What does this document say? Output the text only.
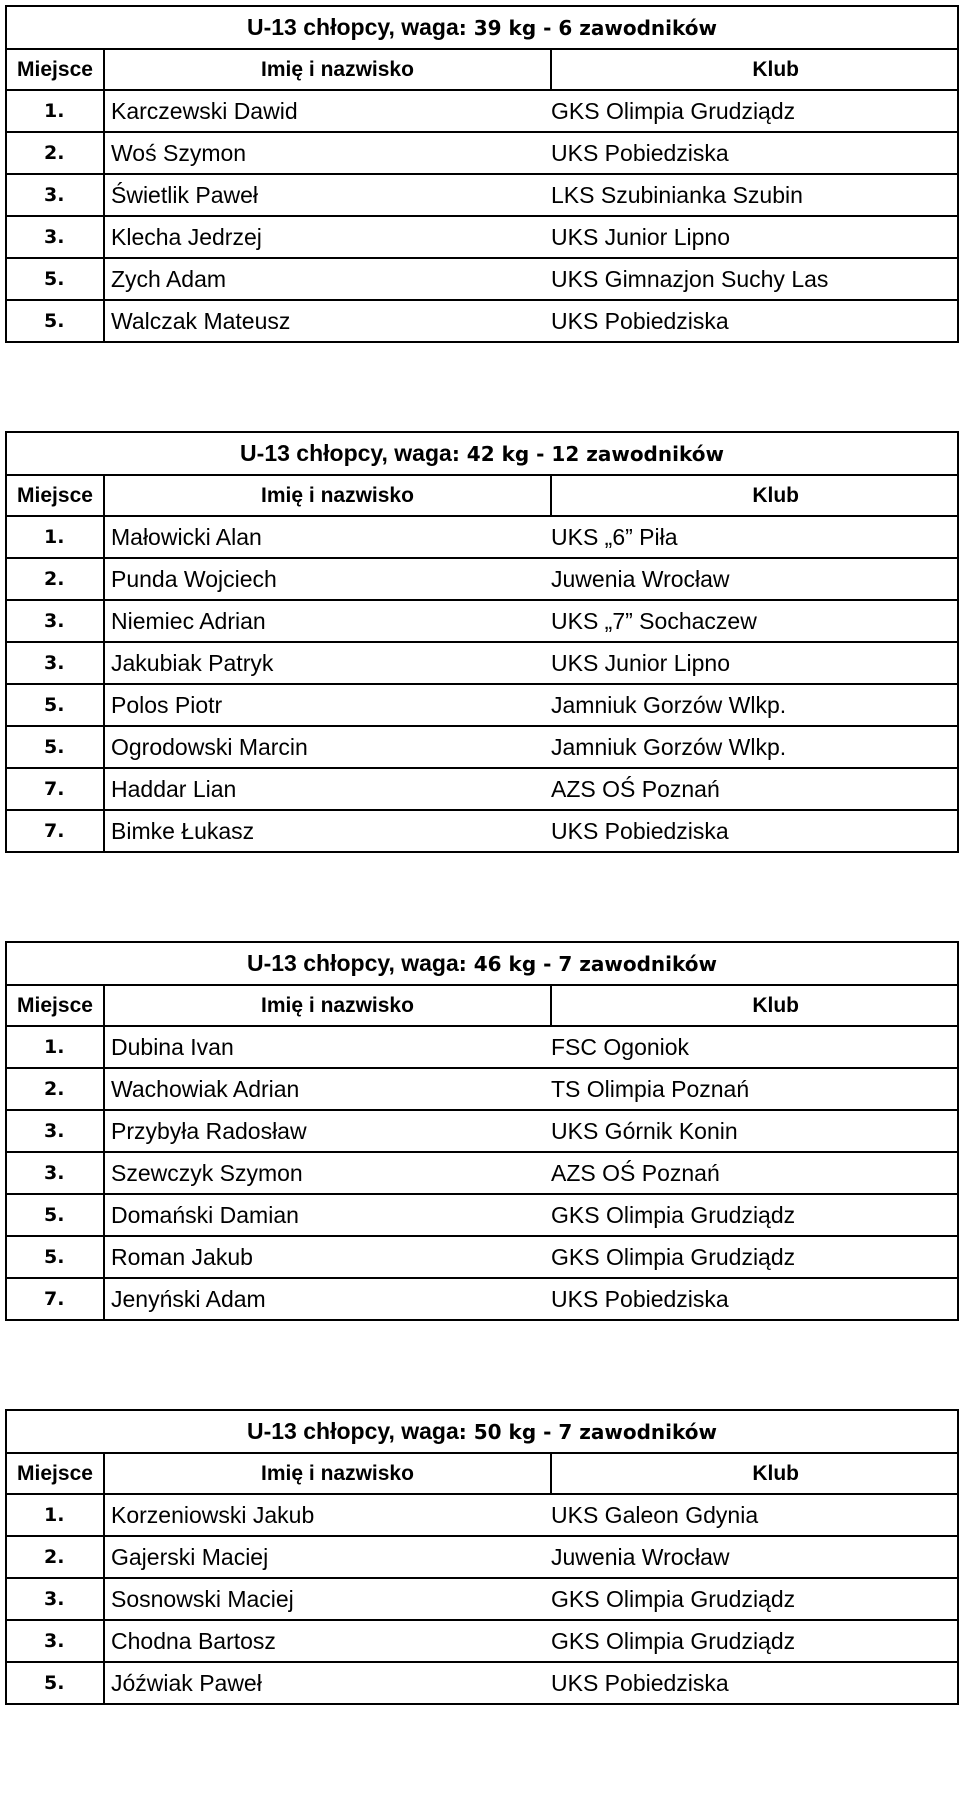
U-13 chłopcy, waga: 39 kg - 6 zawodników		
Miejsce	Imię i nazwisko	Klub
1.	Karczewski Dawid	GKS Olimpia Grudziądz
2.	Woś Szymon	UKS Pobiedziska
3.	Świetlik Paweł	LKS Szubinianka Szubin
3.	Klecha Jedrzej	UKS Junior Lipno
5.	Zych Adam	UKS Gimnazjon Suchy Las
5.	Walczak Mateusz	UKS Pobiedziska
U-13 chłopcy, waga: 42 kg - 12 zawodników		
Miejsce	Imię i nazwisko	Klub
1.	Małowicki Alan	UKS „6” Piła
2.	Punda Wojciech	Juwenia Wrocław
3.	Niemiec Adrian	UKS „7” Sochaczew
3.	Jakubiak Patryk	UKS Junior Lipno
5.	Polos Piotr	Jamniuk Gorzów Wlkp.
5.	Ogrodowski Marcin	Jamniuk Gorzów Wlkp.
7.	Haddar Lian	AZS OŚ Poznań
7.	Bimke Łukasz	UKS Pobiedziska
U-13 chłopcy, waga: 46 kg - 7 zawodników		
Miejsce	Imię i nazwisko	Klub
1.	Dubina Ivan	FSC Ogoniok
2.	Wachowiak Adrian	TS Olimpia Poznań
3.	Przybyła Radosław	UKS Górnik Konin
3.	Szewczyk Szymon	AZS OŚ Poznań
5.	Domański Damian	GKS Olimpia Grudziądz
5.	Roman Jakub	GKS Olimpia Grudziądz
7.	Jenyński Adam	UKS Pobiedziska
U-13 chłopcy, waga: 50 kg - 7 zawodników		
Miejsce	Imię i nazwisko	Klub
1.	Korzeniowski Jakub	UKS Galeon Gdynia
2.	Gajerski Maciej	Juwenia Wrocław
3.	Sosnowski Maciej	GKS Olimpia Grudziądz
3.	Chodna Bartosz	GKS Olimpia Grudziądz
5.	Jóźwiak Paweł	UKS Pobiedziska
